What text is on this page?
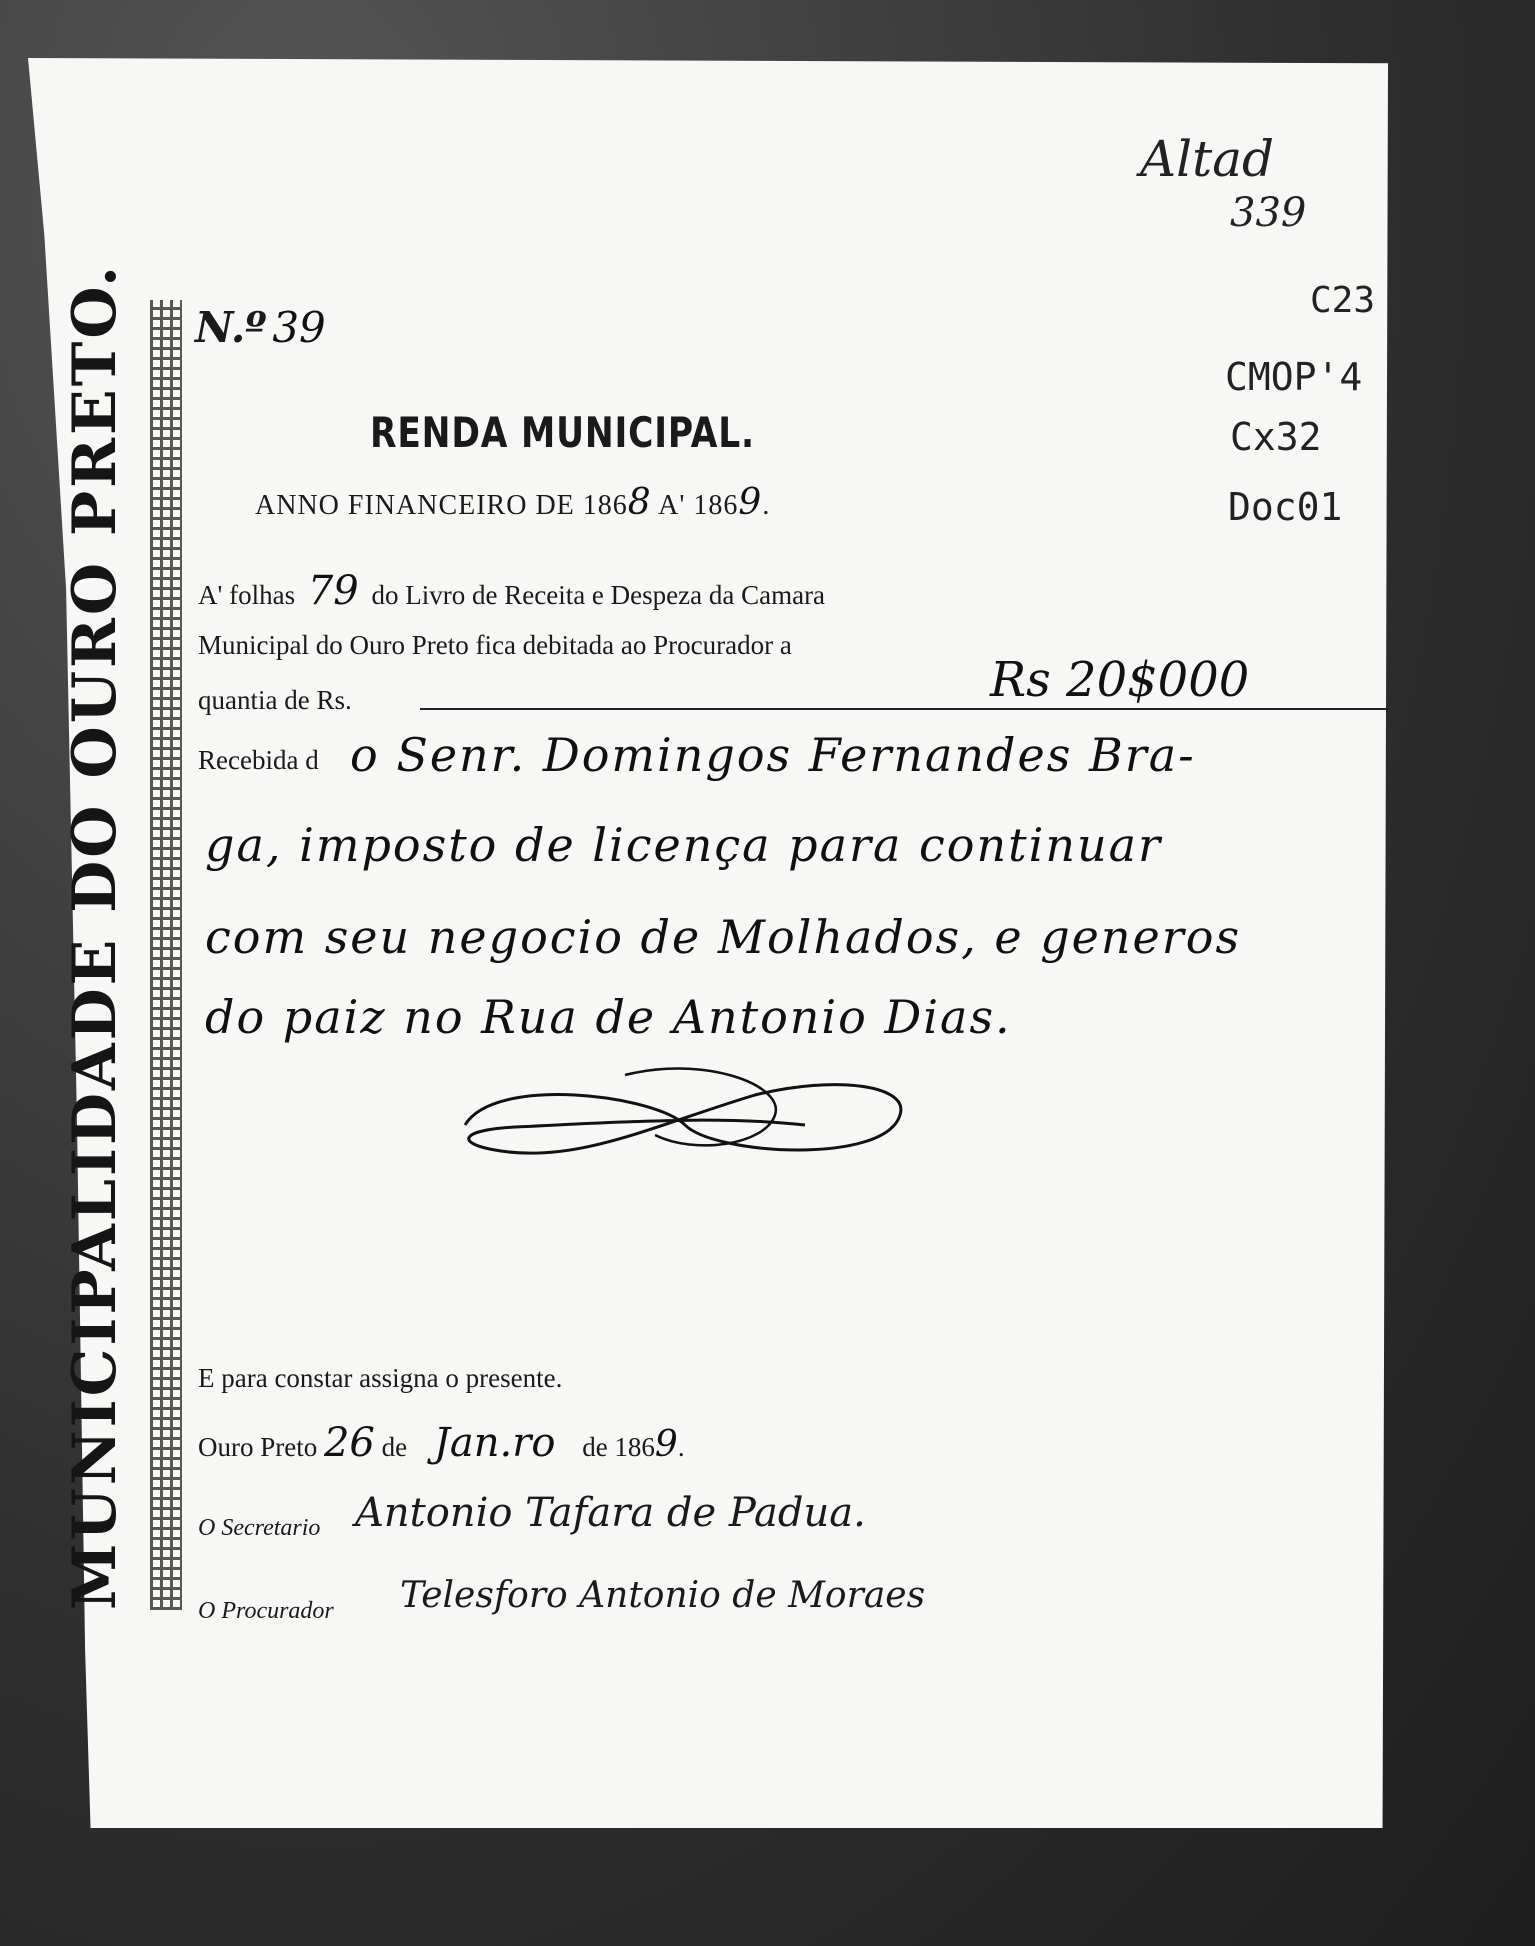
MUNICIPALIDADE DO OURO PRETO. N.º 39
RENDA MUNICIPAL.
ANNO FINANCEIRO DE 1868 A' 1869.
A' folhas 79 do Livro de Receita e Despeza da Camara
Municipal do Ouro Preto fica debitada ao Procurador a
quantia de Rs.	Rs 20$000
Recebida d o Senr. Domingos Fernandes Bra-
ga, imposto de licença para continuar
com seu negocio de Molhados, e generos
do paiz no Rua de Antonio Dias.
E para constar assigna o presente.
Ouro Preto 26 de Jan.ro de 1869.
O Secretario Antonio Tafara de Padua.
O Procurador Telesforo Antonio de Moraes
Altad
339
C23
CMOP'4
Cx32
Doc01
